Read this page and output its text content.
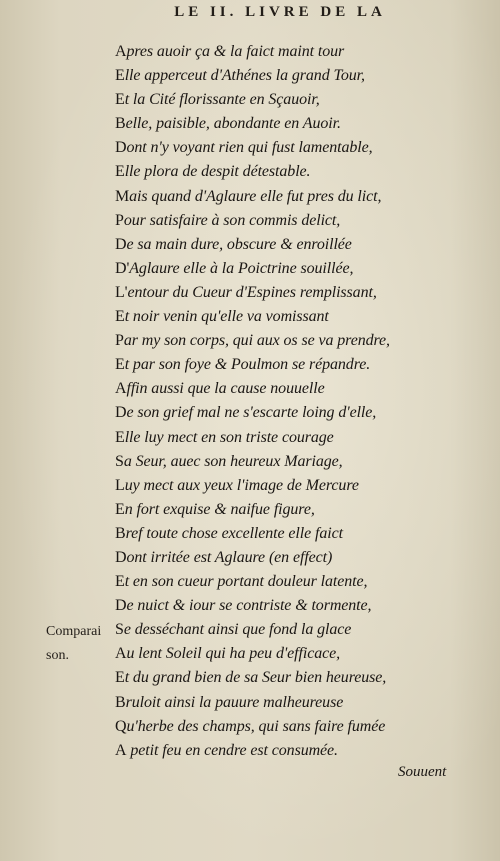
LE II. LIVRE DE LA
Apres auoir ça & la faict maint tour
Elle apperceut d'Athénes la grand Tour,
Et la Cité florissante en Sçauoir,
Belle, paisible, abondante en Auoir.
Dont n'y voyant rien qui fust lamentable,
Elle plora de despit détestable.
Mais quand d'Aglaure elle fut pres du lict,
Pour satisfaire à son commis delict,
De sa main dure, obscure & enroillée
D'Aglaure elle à la Poictrine souillée,
L'entour du Cueur d'Espines remplissant,
Et noir venin qu'elle va vomissant
Par my son corps, qui aux os se va prendre,
Et par son foye & Poulmon se répandre.
Affin aussi que la cause nouuelle
De son grief mal ne s'escarte loing d'elle,
Elle luy mect en son triste courage
Sa Seur, auec son heureux Mariage,
Luy mect aux yeux l'image de Mercure
En fort exquise & naifue figure,
Bref toute chose excellente elle faict
Dont irritée est Aglaure (en effect)
Et en son cueur portant douleur latente,
De nuict & iour se contriste & tormente,
Se desséchant ainsi que fond la glace
Au lent Soleil qui ha peu d'efficace,
Et du grand bien de sa Seur bien heureuse,
Bruloit ainsi la pauure malheureuse
Qu'herbe des champs, qui sans faire fumée
A petit feu en cendre est consumée.
Comparai
son.
Souuent
